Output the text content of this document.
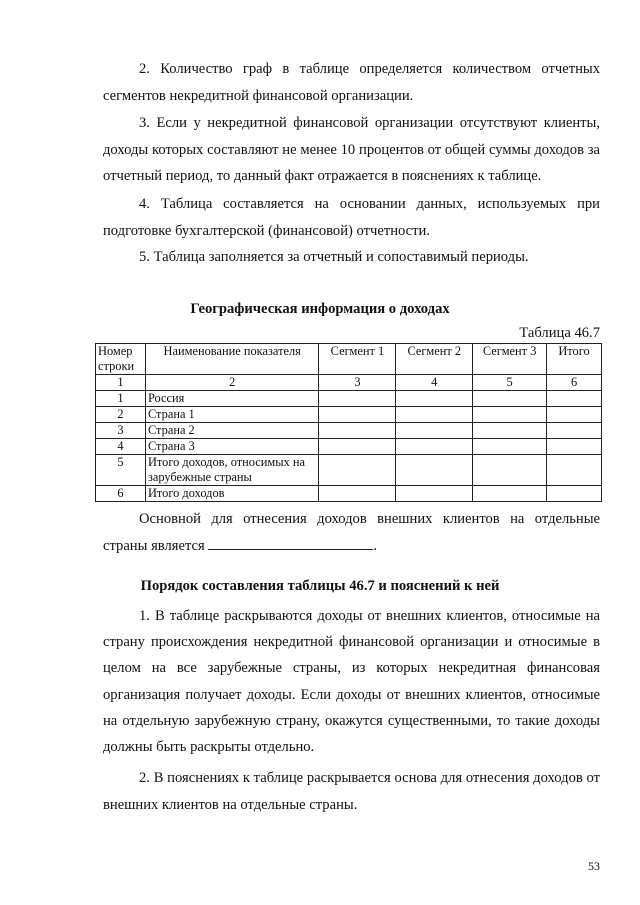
2. Количество граф в таблице определяется количеством отчетных сегментов некредитной финансовой организации.

3. Если у некредитной финансовой организации отсутствуют клиенты, доходы которых составляют не менее 10 процентов от общей суммы доходов за отчетный период, то данный факт отражается в пояснениях к таблице.

4. Таблица составляется на основании данных, используемых при подготовке бухгалтерской (финансовой) отчетности.

5. Таблица заполняется за отчетный и сопоставимый периоды.

Географическая информация о доходах
Таблица 46.7
Номер строки	Наименование показателя	Сегмент 1	Сегмент 2	Сегмент 3	Итого
1	2	3	4	5	6
1	Россия				
2	Страна 1				
3	Страна 2				
4	Страна 3				
5	Итого доходов, относимых на зарубежные страны				
6	Итого доходов				

Основной для отнесения доходов внешних клиентов на отдельные страны является	.

Порядок составления таблицы 46.7 и пояснений к ней

1. В таблице раскрываются доходы от внешних клиентов, относимые на страну происхождения некредитной финансовой организации и относимые в целом на все зарубежные страны, из которых некредитная финансовая организация получает доходы. Если доходы от внешних клиентов, относимые на отдельную зарубежную страну, окажутся существенными, то такие доходы должны быть раскрыты отдельно.

2. В пояснениях к таблице раскрывается основа для отнесения доходов от внешних клиентов на отдельные страны.

53
